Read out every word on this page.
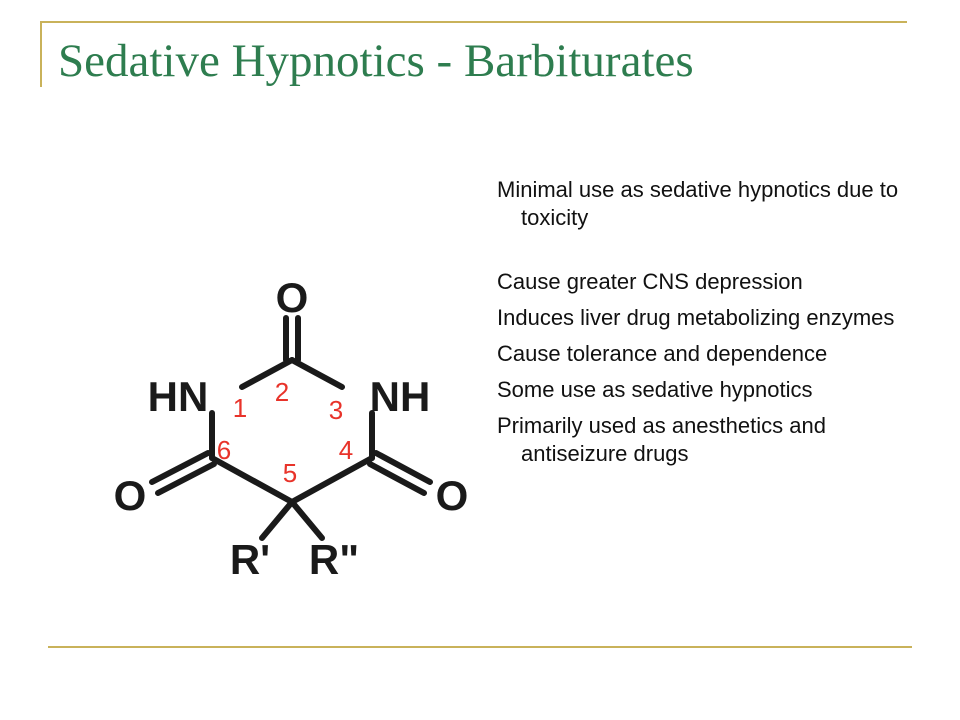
Sedative Hypnotics - Barbiturates
O
HN	NH
O	O
R' R"
1
2
3
4
5
6
Minimal use as sedative hypnotics due to toxicity
Cause greater CNS depression
Induces liver drug metabolizing enzymes
Cause tolerance and dependence
Some use as sedative hypnotics
Primarily used as anesthetics and antiseizure drugs
